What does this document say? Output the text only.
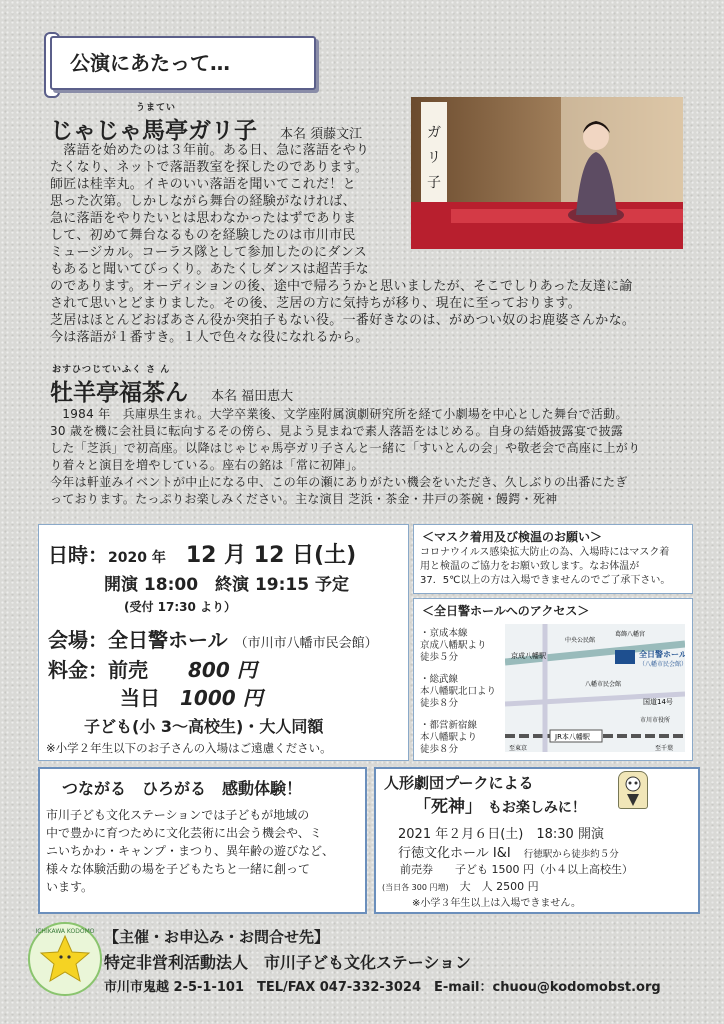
公演にあたって…
うまてい
じゃじゃ馬亭ガリ子　 本名 須藤文江	ガ
リ
子
　落語を始めたのは３年前。ある日、急に落語をやり
たくなり、ネットで落語教室を探したのであります。
師匠は桂幸丸。イキのいい落語を聞いてこれだ！と
思った次第。しかしながら舞台の経験がなければ、
急に落語をやりたいとは思わなかったはずでありま
して、初めて舞台なるものを経験したのは市川市民
ミュージカル。コーラス隊として参加したのにダンス
もあると聞いてびっくり。あたくしダンスは超苦手な
のであります。オーディションの後、途中で帰ろうかと思いましたが、そこでしりあった友達に諭
されて思いとどまりました。その後、芝居の方に気持ちが移り、現在に至っております。
芝居はほとんどおばあさん役か突拍子もない役。一番好きなのは、がめつい奴のお鹿婆さんかな。
今は落語が１番すき。１人で色々な役になれるから。
おすひつじていふく さ ん
牡羊亭福茶ん　 本名 福田恵大
　1984 年　兵庫県生まれ。大学卒業後、文学座附属演劇研究所を経て小劇場を中心とした舞台で活動。
30 歳を機に会社員に転向するその傍ら、見よう見まねで素人落語をはじめる。自身の結婚披露宴で披露
した「芝浜」で初高座。以降はじゃじゃ馬亭ガリ子さんと一緒に「すいとんの会」や敬老会で高座に上がり
り着々と演目を増やしている。座右の銘は「常に初陣」。
今年は軒並みイベントが中止になる中、この年の瀬にありがたい機会をいただき、久しぶりの出番にたぎ
っております。たっぷりお楽しみください。主な演目 芝浜・茶金・井戸の茶碗・饅鍔・死神
日時：2020 年　 12 月 12 日(土)
開演 18:00　終演 19:15 予定
(受付 17:30 より）
会場：全日警ホール （市川市八幡市民会館）
料金：前売　　 800 円
当日　 1000 円
子ども(小 3～高校生)・大人同額
※小学２年生以下のお子さんの入場はご遠慮ください。
＜マスク着用及び検温のお願い＞
コロナウイルス感染拡大防止の為、入場時にはマスク着
用と検温のご協力をお願い致します。なお体温が
37．5℃以上の方は入場できませんのでご了承下さい。
＜全日警ホールへのアクセス＞
・京成本線
京成八幡駅より
徒歩５分
・総武線
本八幡駅北口より
徒歩８分
・都営新宿線
本八幡駅より
徒歩８分
全日警ホール
（八幡市民会館）
京成八幡駅
JR本八幡駅
国道14号
市川市役所
中央公民館
葛飾八幡宮
八幡市民会館
至東京	至千葉
つながる　ひろがる　感動体験！
市川子ども文化ステーションでは子どもが地域の
中で豊かに育つために文化芸術に出会う機会や、ミ
ニいちかわ・キャンプ・まつり、異年齢の遊びなど、
様々な体験活動の場を子どもたちと一緒に創って
います。
人形劇団プークによる
「死神」 もお楽しみに！
2021 年２月６日(土)　18:30 開演
行徳文化ホール I&I　 行徳駅から徒歩約５分
前売券　　 子ども 1500 円（小４以上高校生）
(当日各 300 円増)　 大　人 2500 円
※小学３年生以上は入場できません。
ICHIKAWA KODOMO 【主催・お申込み・お問合せ先】
特定非営利活動法人　市川子ども文化ステーション
市川市鬼越 2-5-1-101　TEL/FAX 047-332-3024　E-mail：chuou@kodomobst.org
